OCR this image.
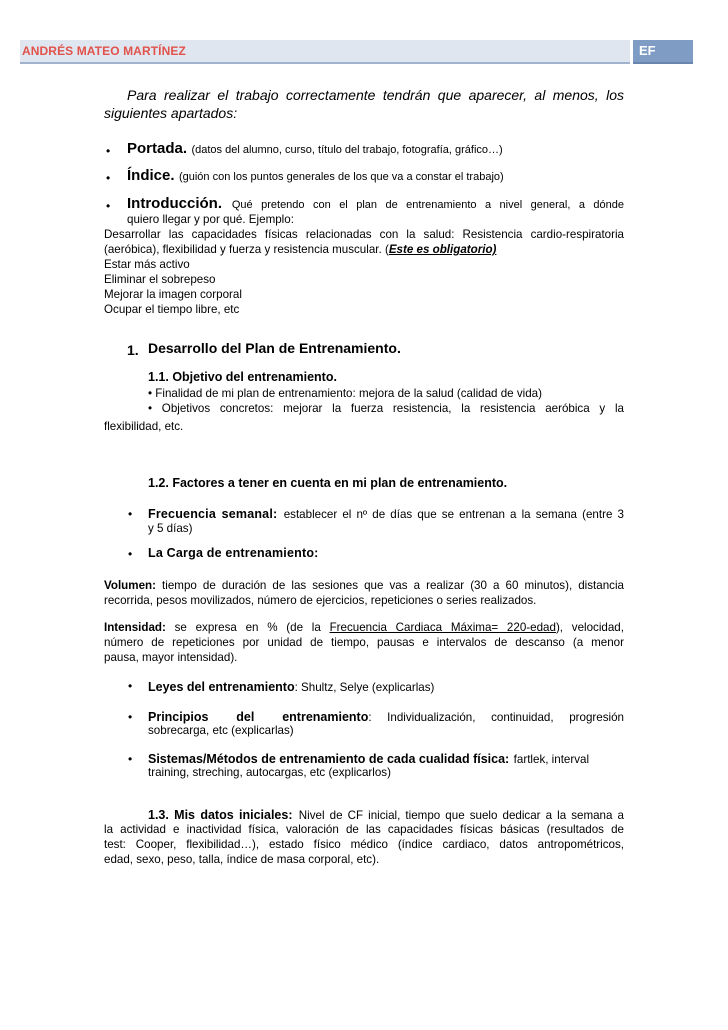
ANDRÉS MATEO MARTÍNEZ	EF
Para realizar el trabajo correctamente tendrán que aparecer, al menos, los
siguientes apartados:
• Portada. (datos del alumno, curso, título del trabajo, fotografía, gráfico…)
• Índice. (guión con los puntos generales de los que va a constar el trabajo)
• Introducción. Qué pretendo con el plan de entrenamiento a nivel general, a dónde
quiero llegar y por qué. Ejemplo:
Desarrollar las capacidades físicas relacionadas con la salud: Resistencia cardio-respiratoria
(aeróbica), flexibilidad y fuerza y resistencia muscular. (Este es obligatorio)
Estar más activo
Eliminar el sobrepeso
Mejorar la imagen corporal
Ocupar el tiempo libre, etc
1. Desarrollo del Plan de Entrenamiento.
1.1. Objetivo del entrenamiento.
• Finalidad de mi plan de entrenamiento: mejora de la salud (calidad de vida)
• Objetivos concretos: mejorar la fuerza resistencia, la resistencia aeróbica y la
flexibilidad, etc.
1.2. Factores a tener en cuenta en mi plan de entrenamiento.
• Frecuencia semanal: establecer el nº de días que se entrenan a la semana (entre 3
y 5 días)
• La Carga de entrenamiento:
Volumen: tiempo de duración de las sesiones que vas a realizar (30 a 60 minutos), distancia
recorrida, pesos movilizados, número de ejercicios, repeticiones o series realizados.
Intensidad: se expresa en % (de la Frecuencia Cardiaca Máxima= 220-edad), velocidad,
número de repeticiones por unidad de tiempo, pausas e intervalos de descanso (a menor
pausa, mayor intensidad).
• Leyes del entrenamiento: Shultz, Selye (explicarlas)
• Principios del entrenamiento: Individualización, continuidad, progresión
sobrecarga, etc (explicarlas)
• Sistemas/Métodos de entrenamiento de cada cualidad física: fartlek, interval
training, streching, autocargas, etc (explicarlos)
1.3. Mis datos iniciales: Nivel de CF inicial, tiempo que suelo dedicar a la semana a
la actividad e inactividad física, valoración de las capacidades físicas básicas (resultados de
test: Cooper, flexibilidad…), estado físico médico (índice cardiaco, datos antropométricos,
edad, sexo, peso, talla, índice de masa corporal, etc).
